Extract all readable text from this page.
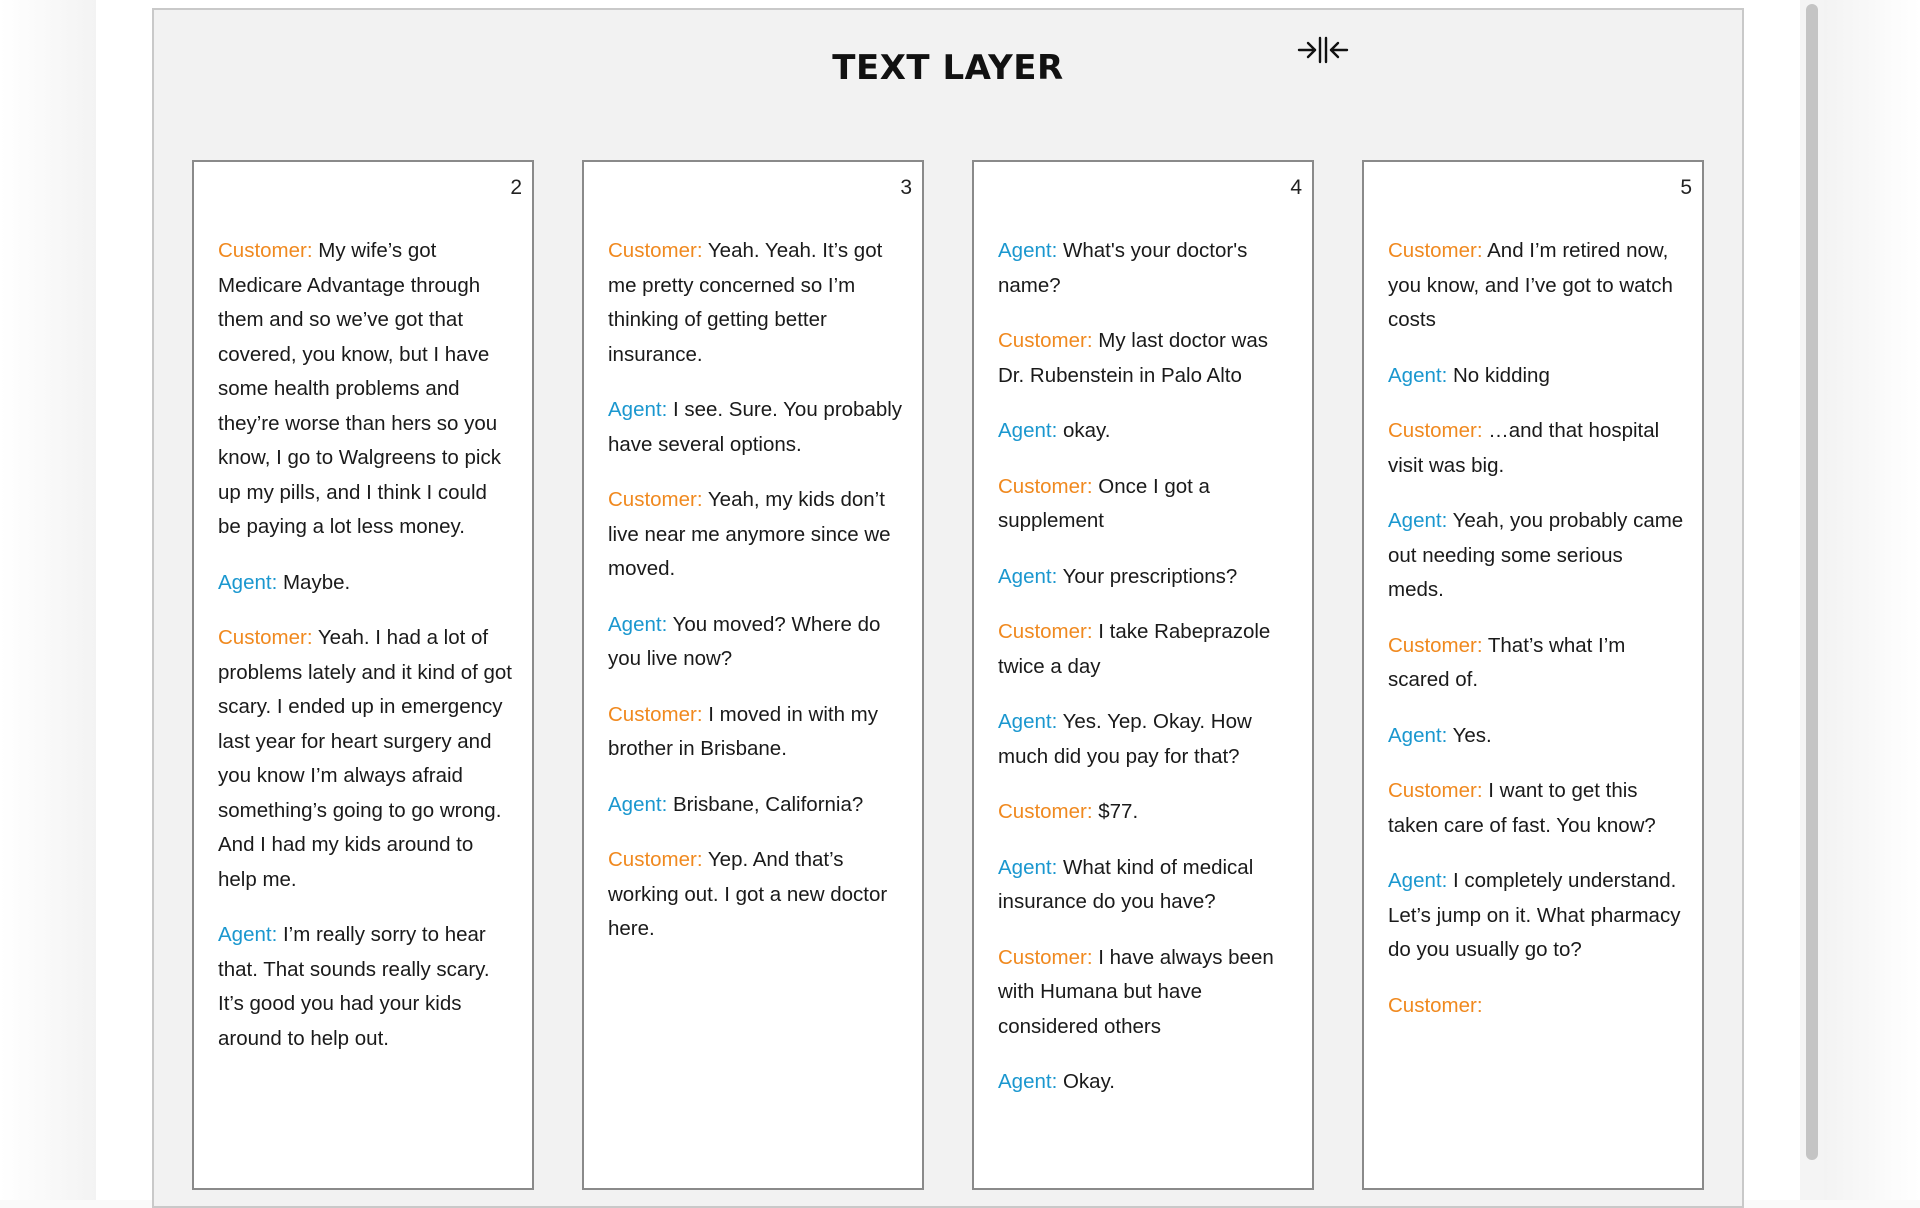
TEXT LAYER
2

Customer: My wife’s got Medicare Advantage through them and so we’ve got that covered, you know, but I have some health problems and they’re worse than hers so you know, I go to Walgreens to pick up my pills, and I think I could be paying a lot less money.

Agent: Maybe.

Customer: Yeah. I had a lot of problems lately and it kind of got scary. I ended up in emergency last year for heart surgery and you know I’m always afraid something’s going to go wrong. And I had my kids around to help me.

Agent: I’m really sorry to hear that. That sounds really scary. It’s good you had your kids around to help out.

3

Customer: Yeah. Yeah. It’s got me pretty concerned so I’m thinking of getting better insurance.

Agent: I see. Sure. You probably have several options.

Customer: Yeah, my kids don’t live near me anymore since we moved.

Agent: You moved? Where do you live now?

Customer: I moved in with my brother in Brisbane.

Agent: Brisbane, California?

Customer: Yep. And that’s working out. I got a new doctor here.

4

Agent: What's your doctor's name?

Customer: My last doctor was Dr. Rubenstein in Palo Alto

Agent: okay.

Customer: Once I got a supplement

Agent: Your prescriptions?

Customer: I take Rabeprazole twice a day

Agent: Yes. Yep. Okay. How much did you pay for that?

Customer: $77.

Agent: What kind of medical insurance do you have?

Customer: I have always been with Humana but have considered others

Agent: Okay.

5

Customer: And I’m retired now, you know, and I’ve got to watch costs

Agent: No kidding

Customer: …and that hospital visit was big.

Agent: Yeah, you probably came out needing some serious meds.

Customer: That’s what I’m scared of.

Agent: Yes.

Customer: I want to get this taken care of fast. You know?

Agent: I completely understand. Let’s jump on it. What pharmacy do you usually go to?

Customer:
